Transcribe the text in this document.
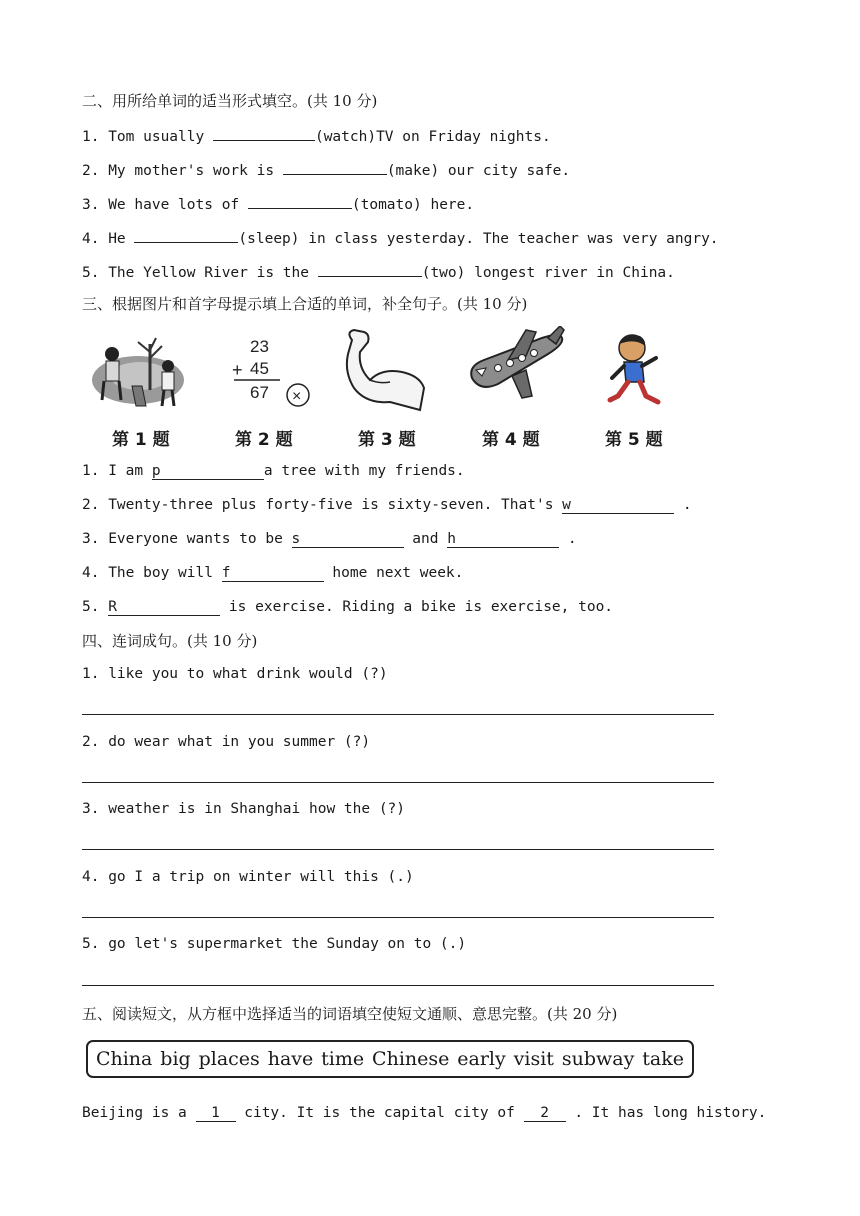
二、用所给单词的适当形式填空。(共 10 分)
1. Tom usually	(watch)TV on Friday nights.
2. My mother's work is	(make) our city safe.
3. We have lots of	(tomato) here.
4. He	(sleep) in class yesterday. The teacher was very angry.
5. The Yellow River is the	(two) longest river in China.
三、根据图片和首字母提示填上合适的单词，补全句子。(共 10 分)
23
+ 45
67 ×
第 1 题	第 2 题	第 3 题	第 4 题	第 5 题
1. I am p	a tree with my friends.
2. Twenty-three plus forty-five is sixty-seven. That's w	.
3. Everyone wants to be s	and h	.
4. The boy will f	home next week.
5. R	is exercise. Riding a bike is exercise, too.
四、连词成句。(共 10 分)
1. like you to what drink would (?)
2. do wear what in you summer (?)
3. weather is in Shanghai how the (?)
4. go I a trip on winter will this (.)
5. go let's supermarket the Sunday on to (.)
五、阅读短文，从方框中选择适当的词语填空使短文通顺、意思完整。(共 20 分)
China big places have time Chinese early visit subway take
Beijing is a 1 city. It is the capital city of 2 . It has long history.
